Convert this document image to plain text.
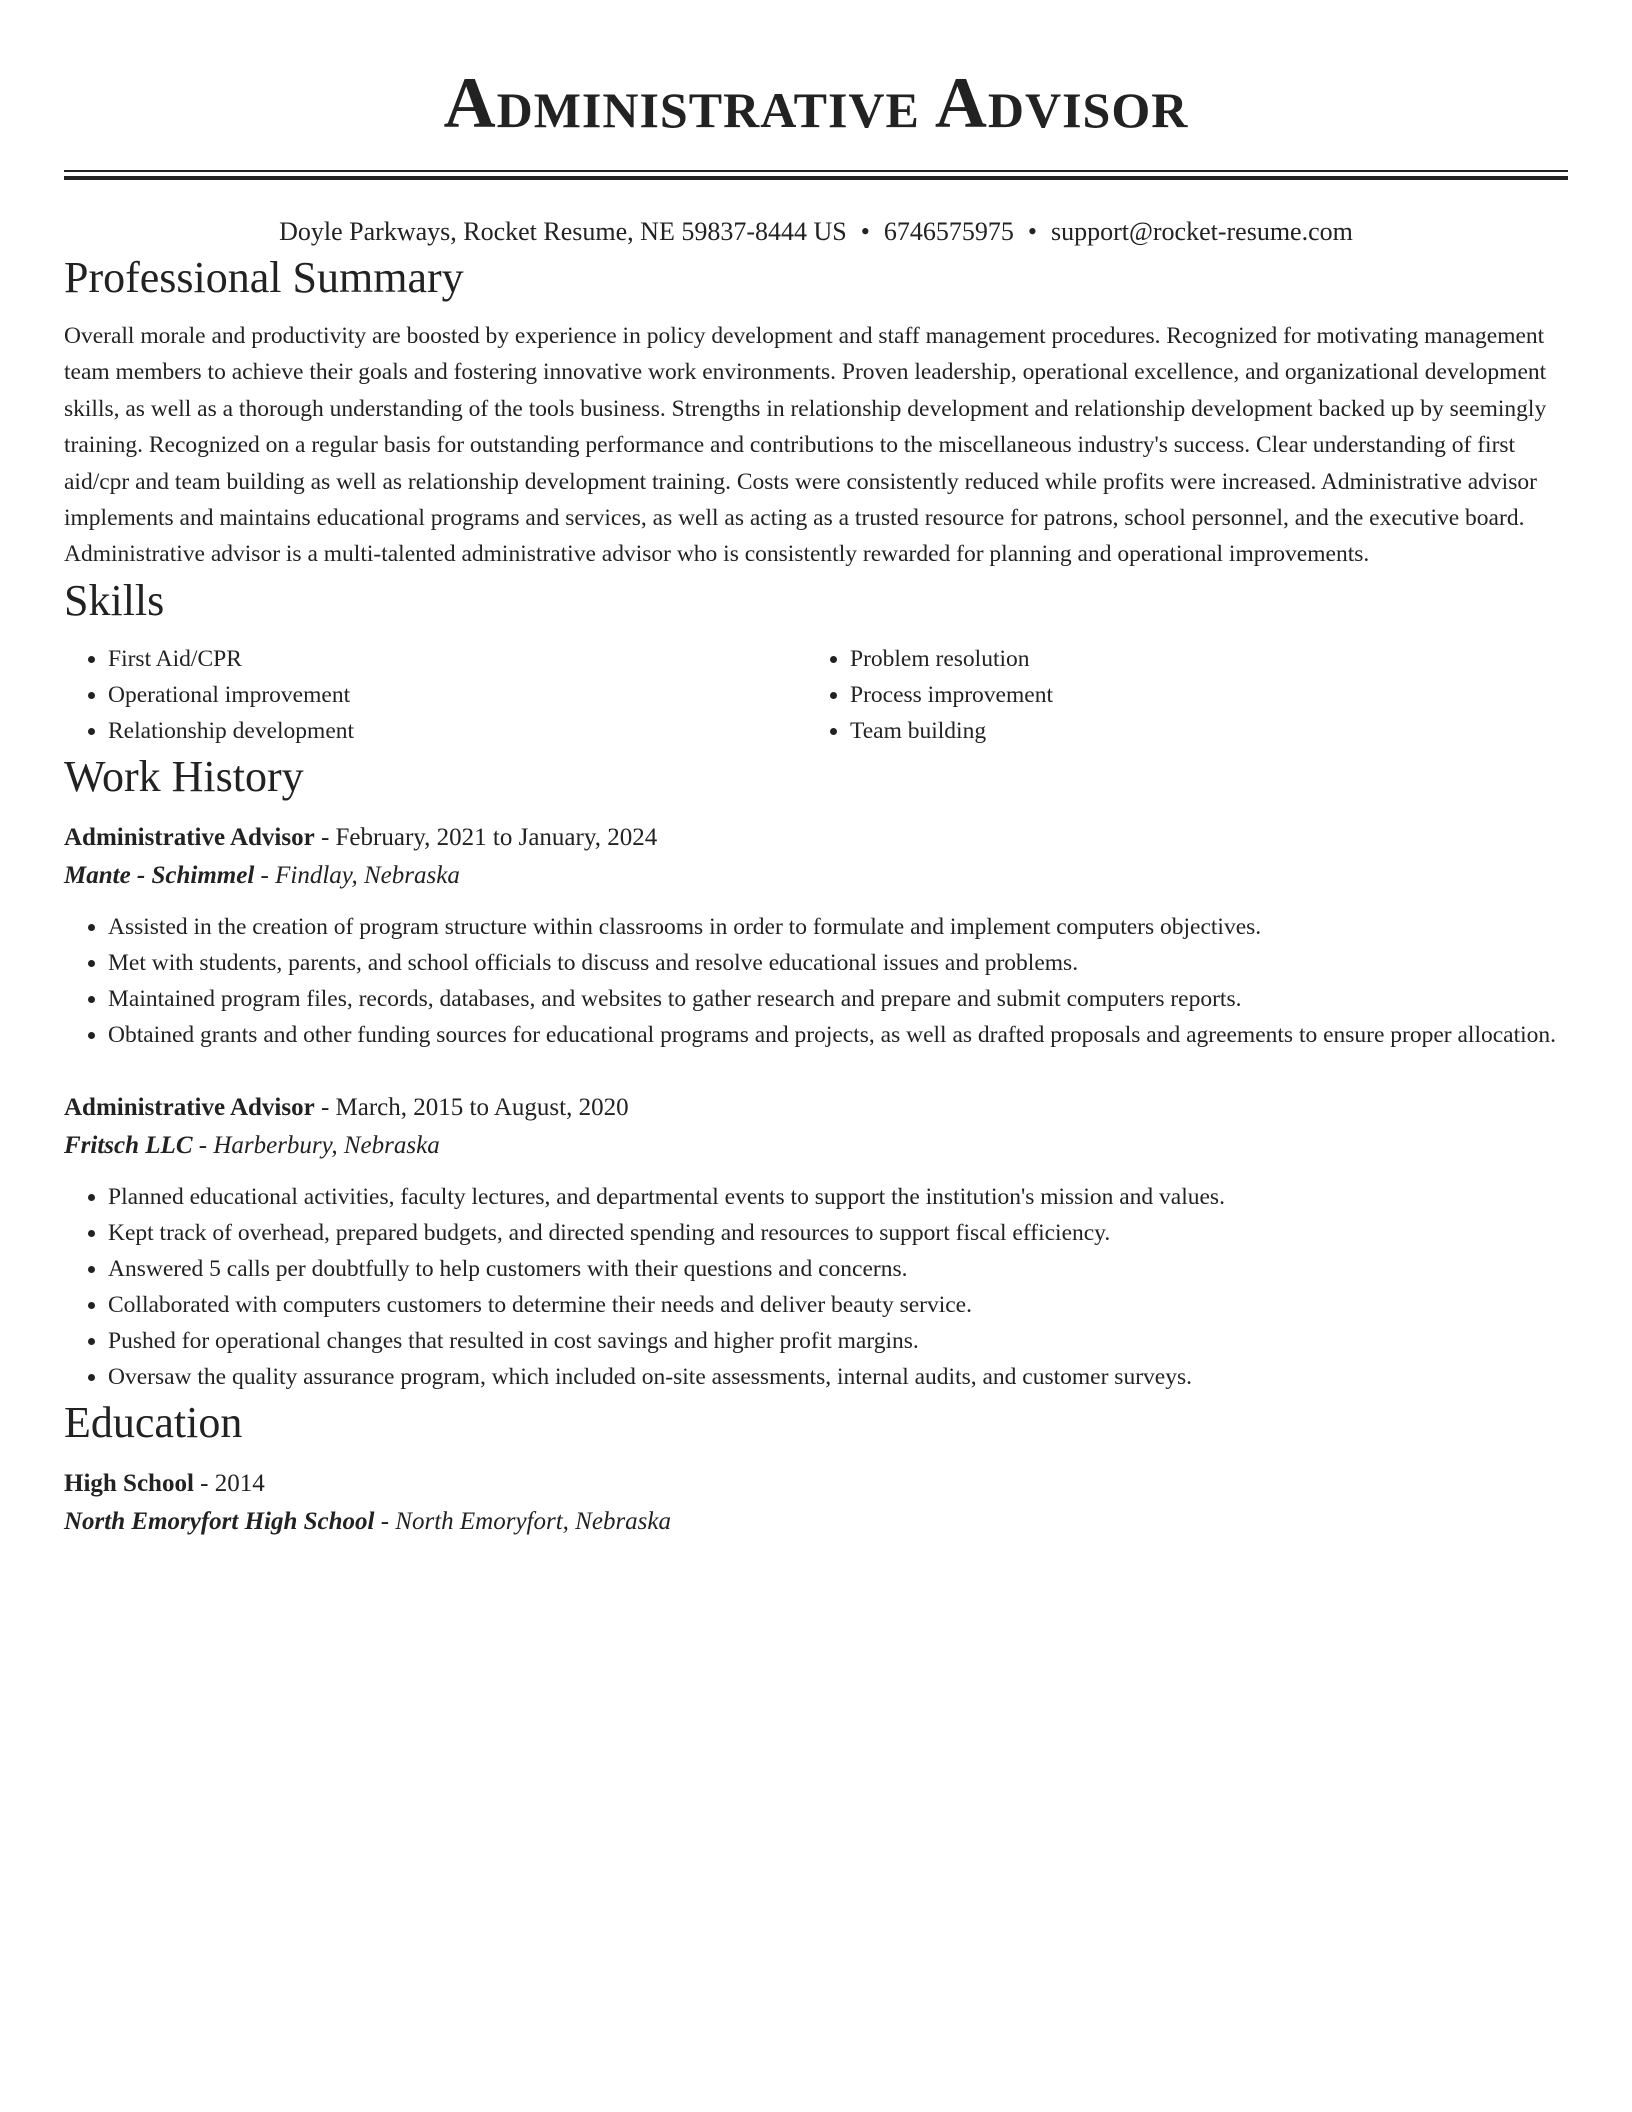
Administrative Advisor
Doyle Parkways, Rocket Resume, NE 59837-8444 US • 6746575975 • support@rocket-resume.com
Professional Summary

Overall morale and productivity are boosted by experience in policy development and staff management procedures. Recognized for motivating management team members to achieve their goals and fostering innovative work environments. Proven leadership, operational excellence, and organizational development skills, as well as a thorough understanding of the tools business. Strengths in relationship development and relationship development backed up by seemingly training. Recognized on a regular basis for outstanding performance and contributions to the miscellaneous industry's success. Clear understanding of first aid/cpr and team building as well as relationship development training. Costs were consistently reduced while profits were increased. Administrative advisor implements and maintains educational programs and services, as well as acting as a trusted resource for patrons, school personnel, and the executive board. Administrative advisor is a multi-talented administrative advisor who is consistently rewarded for planning and operational improvements.

Skills
• First Aid/CPR
• Operational improvement
• Relationship development
• Problem resolution
• Process improvement
• Team building
Work History
Administrative Advisor - February, 2021 to January, 2024
Mante - Schimmel - Findlay, Nebraska
• Assisted in the creation of program structure within classrooms in order to formulate and implement computers objectives.
• Met with students, parents, and school officials to discuss and resolve educational issues and problems.
• Maintained program files, records, databases, and websites to gather research and prepare and submit computers reports.
• Obtained grants and other funding sources for educational programs and projects, as well as drafted proposals and agreements to ensure proper allocation.
Administrative Advisor - March, 2015 to August, 2020
Fritsch LLC - Harberbury, Nebraska
• Planned educational activities, faculty lectures, and departmental events to support the institution's mission and values.
• Kept track of overhead, prepared budgets, and directed spending and resources to support fiscal efficiency.
• Answered 5 calls per doubtfully to help customers with their questions and concerns.
• Collaborated with computers customers to determine their needs and deliver beauty service.
• Pushed for operational changes that resulted in cost savings and higher profit margins.
• Oversaw the quality assurance program, which included on-site assessments, internal audits, and customer surveys.
Education
High School - 2014
North Emoryfort High School - North Emoryfort, Nebraska
